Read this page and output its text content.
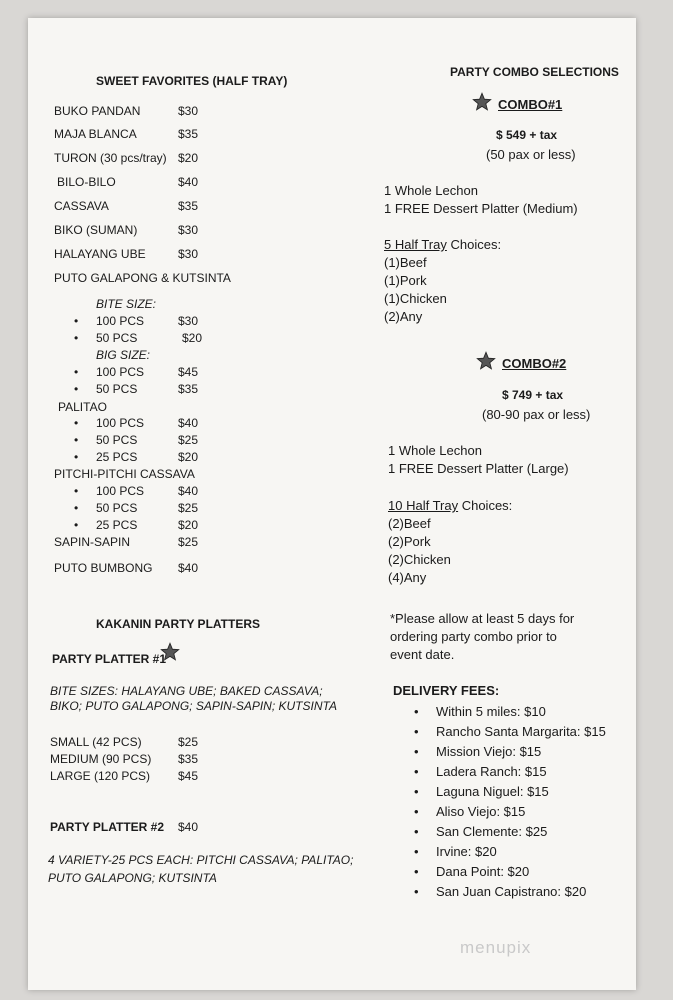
SWEET FAVORITES (HALF TRAY)
BUKO PANDAN	$30
MAJA BLANCA	$35
TURON (30 pcs/tray) $20
BILO-BILO	$40
CASSAVA	$35
BIKO (SUMAN)	$30
HALAYANG UBE	$30
PUTO GALAPONG & KUTSINTA
BITE SIZE:
• 100 PCS	$30
• 50 PCS	$20
BIG SIZE:
• 100 PCS	$45
• 50 PCS	$35
PALITAO
• 100 PCS	$40
• 50 PCS	$25
• 25 PCS	$20
PITCHI-PITCHI CASSAVA
• 100 PCS	$40
• 50 PCS	$25
• 25 PCS	$20
SAPIN-SAPIN	$25
PUTO BUMBONG $40
KAKANIN PARTY PLATTERS
PARTY PLATTER #1
BITE SIZES: HALAYANG UBE; BAKED CASSAVA;
BIKO; PUTO GALAPONG; SAPIN-SAPIN; KUTSINTA
SMALL (42 PCS)	$25
MEDIUM (90 PCS) $35
LARGE (120 PCS) $45
PARTY PLATTER #2 $40
4 VARIETY-25 PCS EACH: PITCHI CASSAVA; PALITAO;
PUTO GALAPONG; KUTSINTA
PARTY COMBO SELECTIONS
COMBO#1
$ 549 + tax
(50 pax or less)
1 Whole Lechon
1 FREE Dessert Platter (Medium)
5 Half Tray Choices:
(1)Beef
(1)Pork
(1)Chicken
(2)Any
COMBO#2
$ 749 + tax
(80-90 pax or less)
1 Whole Lechon
1 FREE Dessert Platter (Large)
10 Half Tray Choices:
(2)Beef
(2)Pork
(2)Chicken
(4)Any
*Please allow at least 5 days for
ordering party combo prior to
event date.
DELIVERY FEES:
• Within 5 miles: $10
• Rancho Santa Margarita: $15
• Mission Viejo: $15
• Ladera Ranch: $15
• Laguna Niguel: $15
• Aliso Viejo: $15
• San Clemente: $25
• Irvine: $20
• Dana Point: $20
• San Juan Capistrano: $20
menupix
